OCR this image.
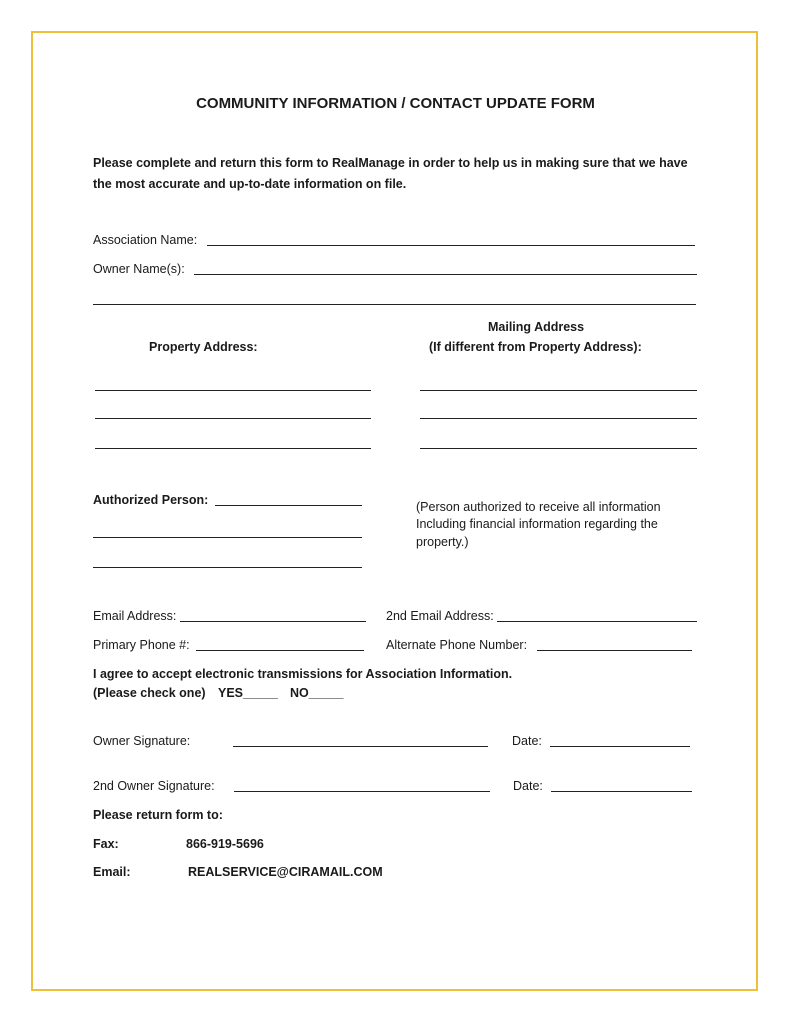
COMMUNITY INFORMATION / CONTACT UPDATE FORM
Please complete and return this form to RealManage in order to help us in making sure that we have
the most accurate and up-to-date information on file.
Association Name:
Owner Name(s):
Mailing Address
Property Address:	(If different from Property Address):
Authorized Person:	(Person authorized to receive all information
Including financial information regarding the
property.)
Email Address:	2nd Email Address:
Primary Phone #:	Alternate Phone Number:
I agree to accept electronic transmissions for Association Information.
(Please check one) YES_____ NO_____
Owner Signature:	Date:
2nd Owner Signature:	Date:
Please return form to:
Fax:	866-919-5696
Email:	REALSERVICE@CIRAMAIL.COM
